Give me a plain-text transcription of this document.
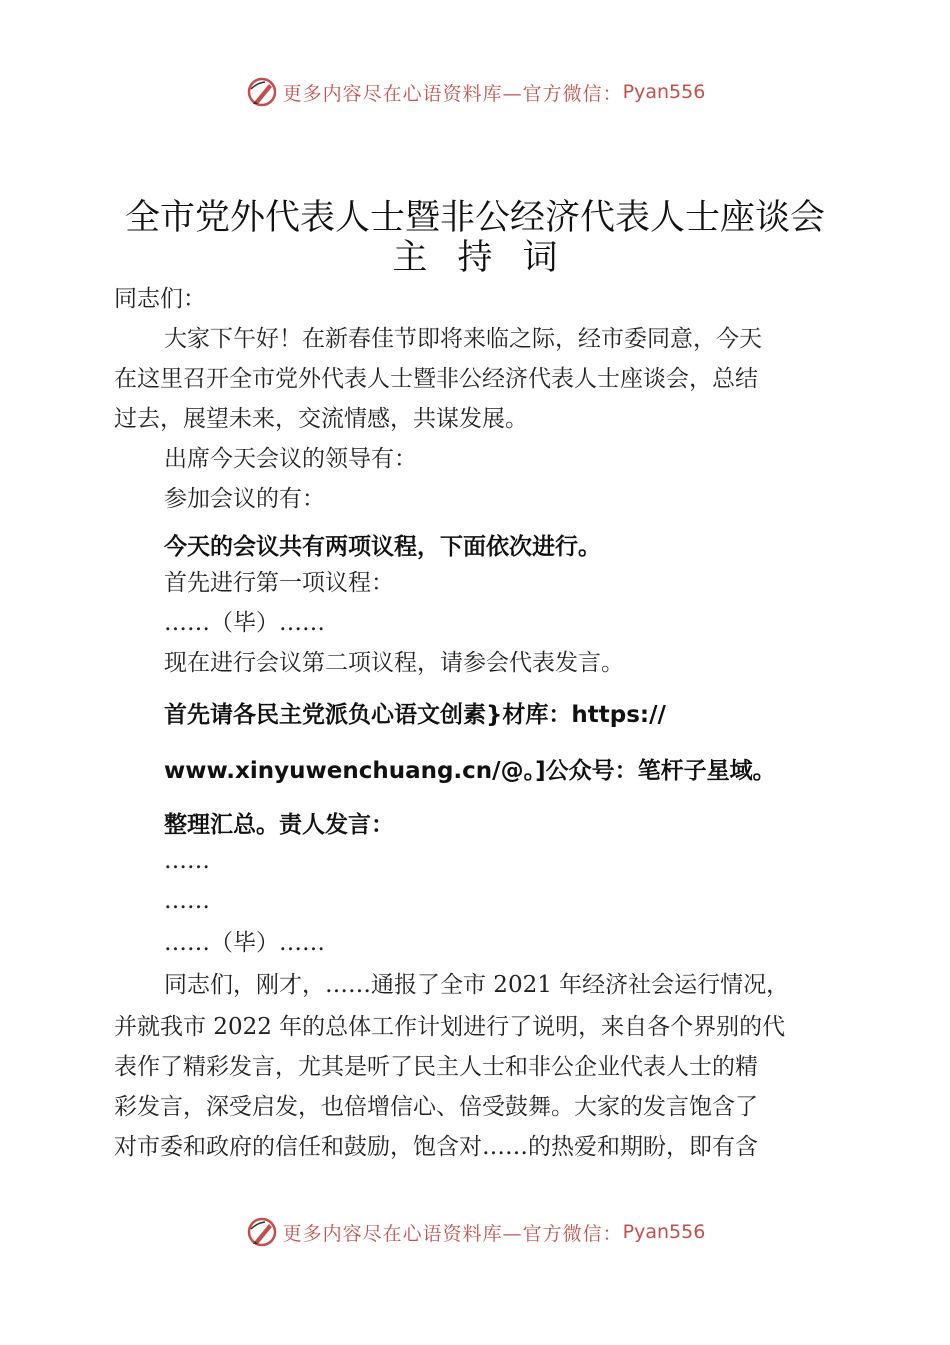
更多内容尽在心语资料库—官方微信： Pyan556
全市党外代表人士暨非公经济代表人士座谈会
主持词

同志们：

大家下午好！在新春佳节即将来临之际，经市委同意，今天

在这里召开全市党外代表人士暨非公经济代表人士座谈会，总结

过去，展望未来，交流情感，共谋发展。

出席今天会议的领导有：

参加会议的有：

今天的会议共有两项议程，下面依次进行。

首先进行第一项议程：

……（毕）……

现在进行会议第二项议程，请参会代表发言。

首先请各民主党派负心语文创素}材库：https://

www.xinyuwenchuang.cn/@。]公众号：笔杆子星域。

整理汇总。责人发言：

……

……

……（毕）……

同志们，刚才，……通报了全市 2021 年经济社会运行情况，

并就我市 2022 年的总体工作计划进行了说明，来自各个界别的代

表作了精彩发言，尤其是听了民主人士和非公企业代表人士的精

彩发言，深受启发，也倍增信心、倍受鼓舞。大家的发言饱含了

对市委和政府的信任和鼓励，饱含对……的热爱和期盼，即有含

更多内容尽在心语资料库—官方微信： Pyan556
